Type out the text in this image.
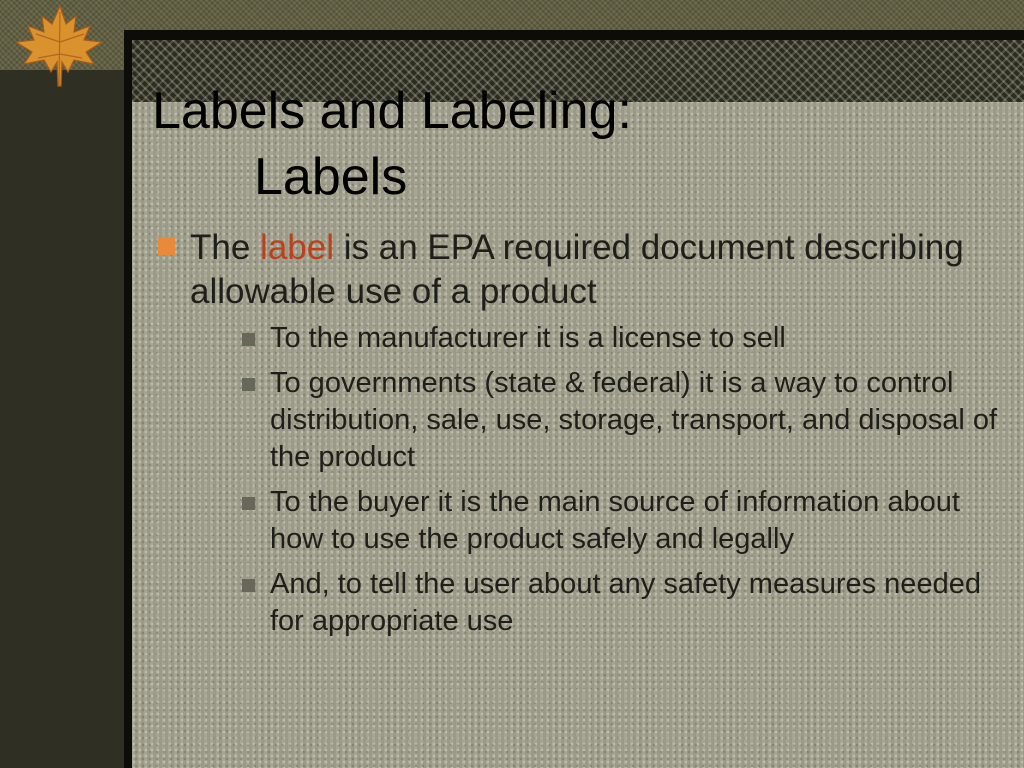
Labels and Labeling:
Labels
The label is an EPA required document describing allowable use of a product
To the manufacturer it is a license to sell
To governments (state & federal) it is a way to control distribution, sale, use, storage, transport, and disposal of the product
To the buyer it is the main source of information about how to use the product safely and legally
And, to tell the user about any safety measures needed for appropriate use
